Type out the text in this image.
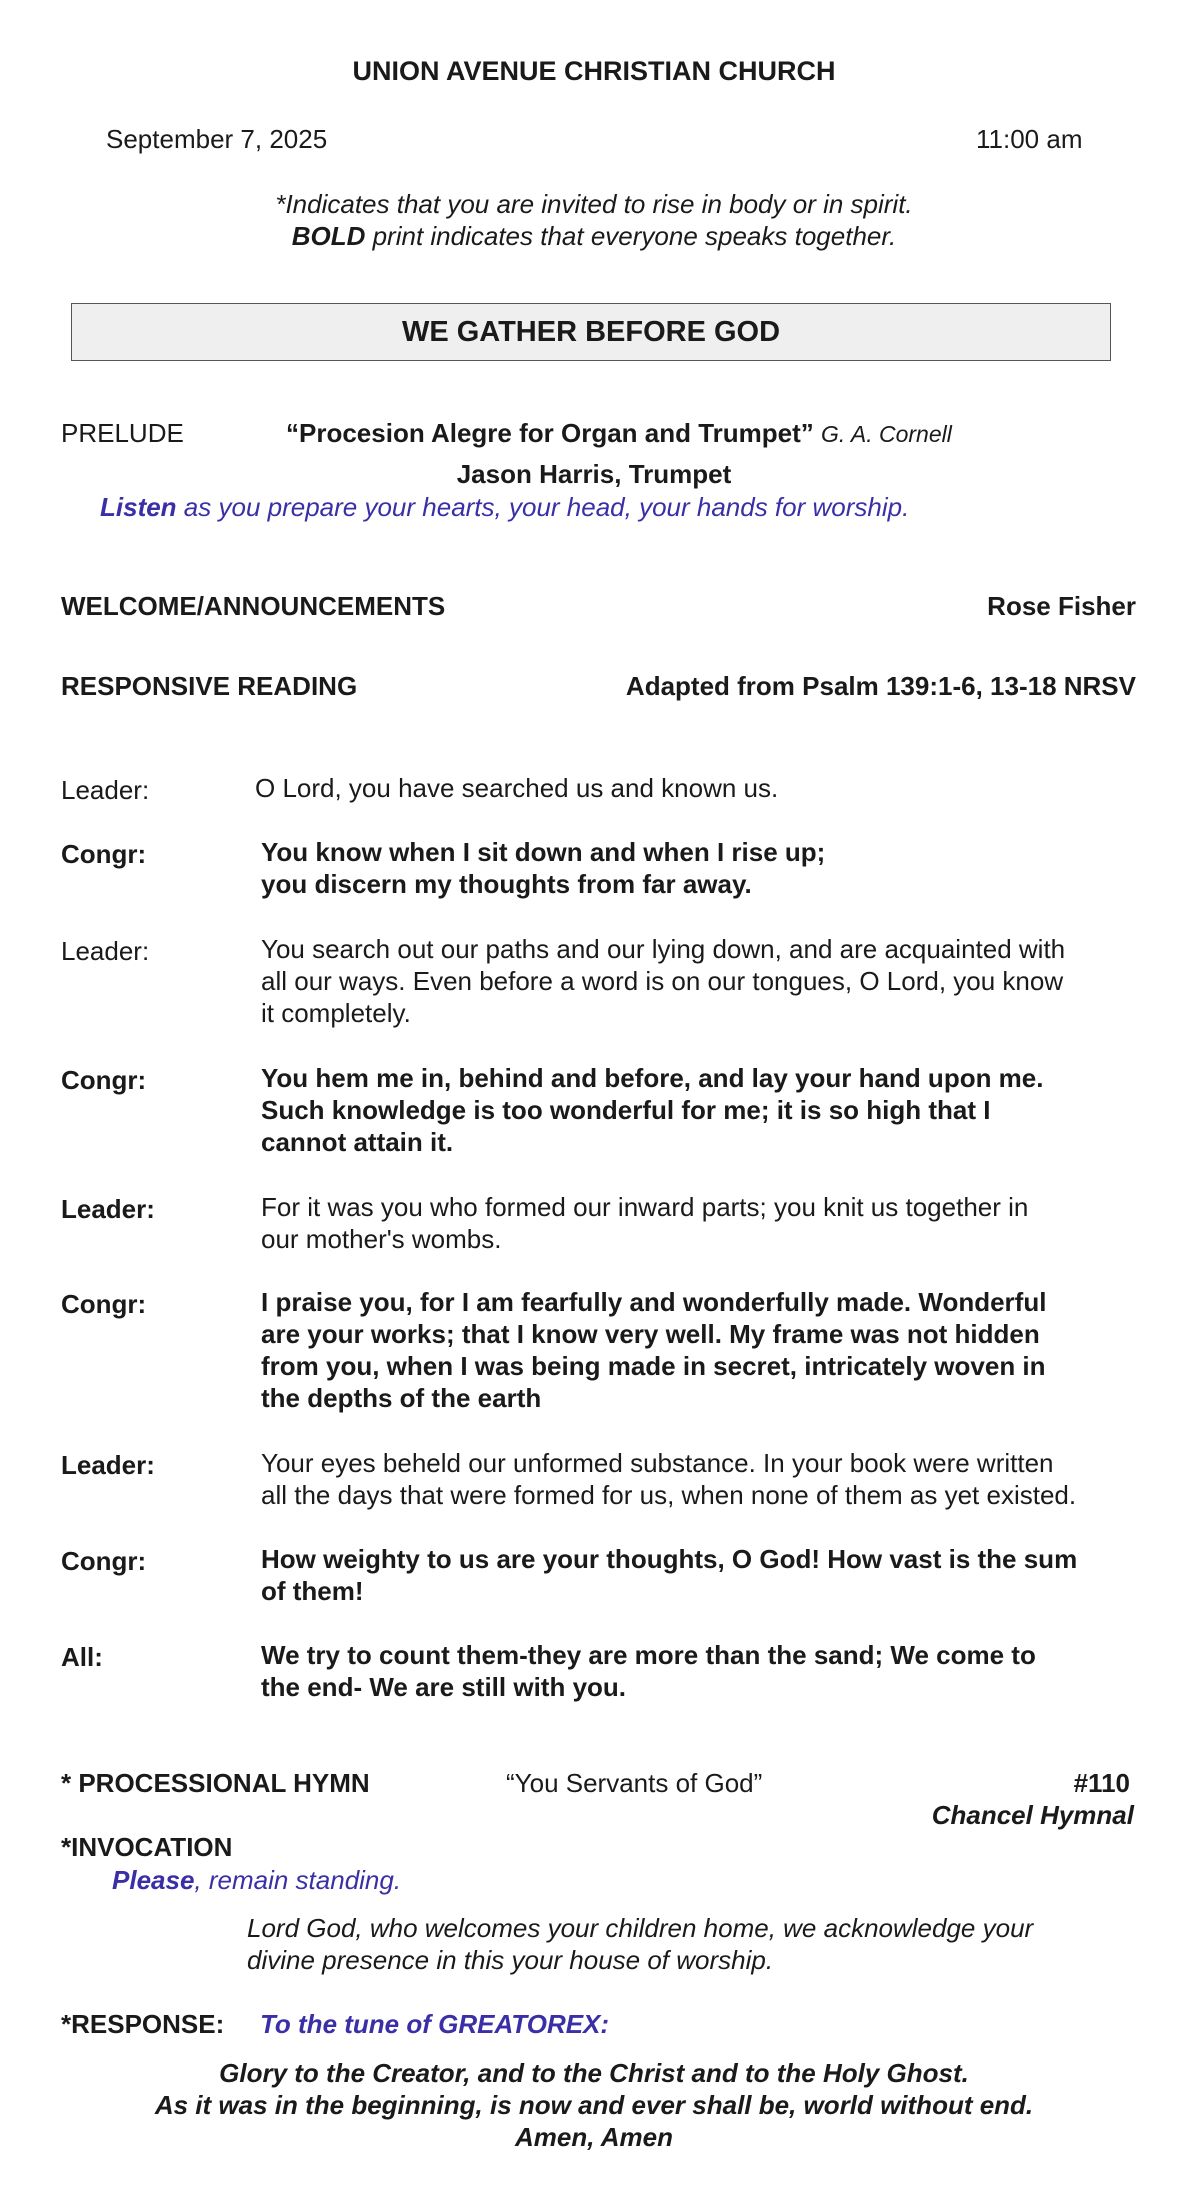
UNION AVENUE CHRISTIAN CHURCH
September 7, 2025	11:00 am
*Indicates that you are invited to rise in body or in spirit.
BOLD print indicates that everyone speaks together.
WE GATHER BEFORE GOD
PRELUDE	“Procesion Alegre for Organ and Trumpet” G. A. Cornell
Jason Harris, Trumpet
Listen as you prepare your hearts, your head, your hands for worship.
WELCOME/ANNOUNCEMENTS	Rose Fisher
RESPONSIVE READING	Adapted from Psalm 139:1-6, 13-18 NRSV
Leader:	O Lord, you have searched us and known us.
Congr:	You know when I sit down and when I rise up;
you discern my thoughts from far away.
Leader:	You search out our paths and our lying down, and are acquainted with
all our ways. Even before a word is on our tongues, O Lord, you know
it completely.
Congr:	You hem me in, behind and before, and lay your hand upon me.
Such knowledge is too wonderful for me; it is so high that I
cannot attain it.
Leader:	For it was you who formed our inward parts; you knit us together in
our mother's wombs.
Congr:	I praise you, for I am fearfully and wonderfully made. Wonderful
are your works; that I know very well. My frame was not hidden
from you, when I was being made in secret, intricately woven in
the depths of the earth
Leader:	Your eyes beheld our unformed substance. In your book were written
all the days that were formed for us, when none of them as yet existed.
Congr:	How weighty to us are your thoughts, O God! How vast is the sum
of them!
All:	We try to count them-they are more than the sand; We come to
the end- We are still with you.
* PROCESSIONAL HYMN	“You Servants of God”	#110
Chancel Hymnal
*INVOCATION
Please, remain standing.
Lord God, who welcomes your children home, we acknowledge your
divine presence in this your house of worship.
*RESPONSE: To the tune of GREATOREX:
Glory to the Creator, and to the Christ and to the Holy Ghost.
As it was in the beginning, is now and ever shall be, world without end.
Amen, Amen
